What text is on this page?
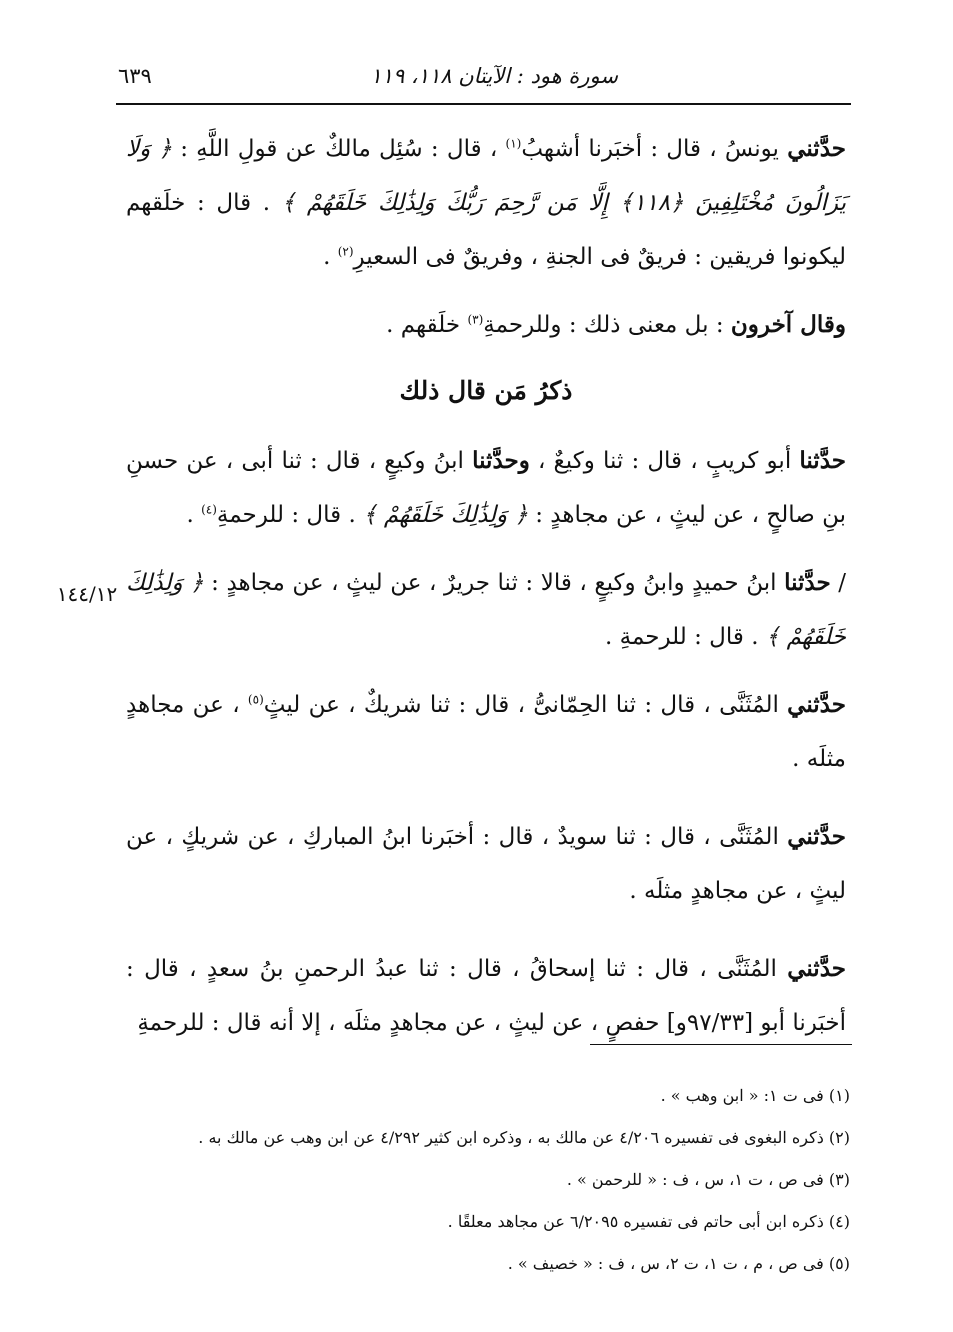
سورة هود : الآيتان ١١٨، ١١٩
٦٣٩

حدَّثني يونسُ ، قال : أخبَرنا أشهبُ$^{(١)}$ ، قال : سُئِل مالكٌ عن قولِ اللَّهِ : ﴿ وَلَا يَزَالُونَ مُخْتَلِفِينَ ﴿١١٨﴾ إِلَّا مَن رَّحِمَ رَبُّكَ وَلِذَٰلِكَ خَلَقَهُمْ ﴾ . قال : خلَقهم ليكونوا فريقين : فريقٌ فى الجنةِ ، وفريقٌ فى السعيرِ$^{(٢)}$ .

وقال آخرون : بل معنى ذلك : وللرحمةِ$^{(٣)}$ خلَقهم .

ذكرُ مَن قال ذلك

حدَّثنا أبو كريبٍ ، قال : ثنا وكيعٌ ، وحدَّثنا ابنُ وكيعٍ ، قال : ثنا أبى ، عن حسنِ بنِ صالحٍ ، عن ليثٍ ، عن مجاهدٍ : ﴿ وَلِذَٰلِكَ خَلَقَهُمْ ﴾ . قال : للرحمةِ$^{(٤)}$ .

/ حدَّثنا ابنُ حميدٍ وابنُ وكيعٍ ، قالا : ثنا جريرٌ ، عن ليثٍ ، عن مجاهدٍ : ﴿ وَلِذَٰلِكَ خَلَقَهُمْ ﴾ . قال : للرحمةِ .

حدَّثني المُثَنَّى ، قال : ثنا الحِمّانىُّ ، قال : ثنا شريكٌ ، عن ليثٍ$^{(٥)}$ ، عن مجاهدٍ مثلَه .

حدَّثني المُثَنَّى ، قال : ثنا سويدٌ ، قال : أخبَرنا ابنُ المباركِ ، عن شريكٍ ، عن ليثٍ ، عن مجاهدٍ مثلَه .

حدَّثني المُثَنَّى ، قال : ثنا إسحاقُ ، قال : ثنا عبدُ الرحمنِ بنُ سعدٍ ، قال : أخبَرنا أبو [٩٧/٣٣و] حفصٍ ، عن ليثٍ ، عن مجاهدٍ مثلَه ، إلا أنه قال : للرحمةِ

١٤٤/١٢
(١) فى ت ١: « ابن وهب » .
(٢) ذكره البغوى فى تفسيره ٤/٢٠٦ عن مالك به ، وذكره ابن كثير ٤/٢٩٢ عن ابن وهب عن مالك به .
(٣) فى ص ، ت ١، س ، ف : « للرحمن » .
(٤) ذكره ابن أبى حاتم فى تفسيره ٦/٢٠٩٥ عن مجاهد معلقًا .
(٥) فى ص ، م ، ت ١، ت ٢، س ، ف : « خصيف » .
